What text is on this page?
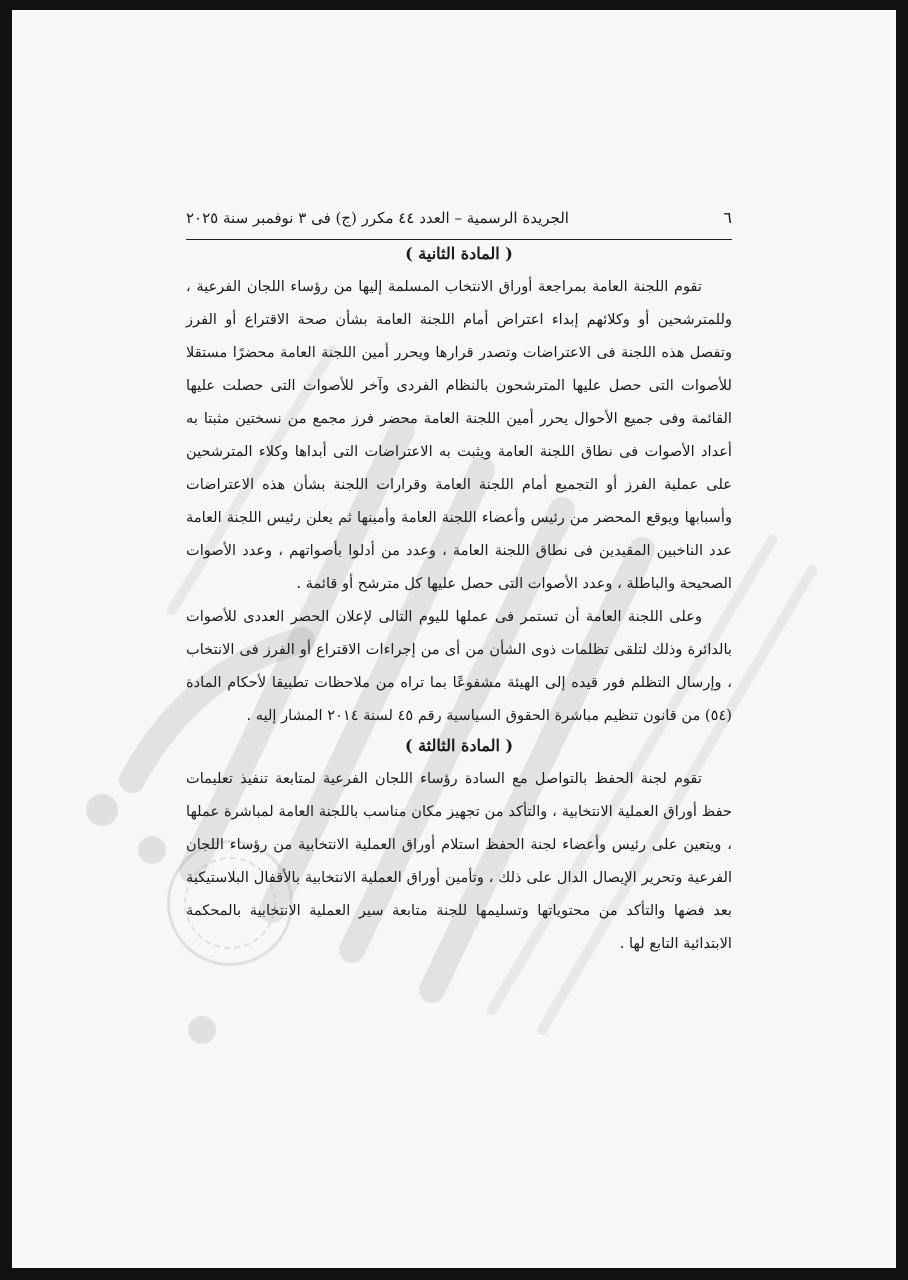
٦
الجريدة الرسمية – العدد ٤٤ مكرر (ج) فى ٣ نوفمبر سنة ٢٠٢٥
( المادة الثانية )

تقوم اللجنة العامة بمراجعة أوراق الانتخاب المسلمة إليها من رؤساء اللجان الفرعية ، وللمترشحين أو وكلائهم إبداء اعتراض أمام اللجنة العامة بشأن صحة الاقتراع أو الفرز وتفصل هذه اللجنة فى الاعتراضات وتصدر قرارها ويحرر أمين اللجنة العامة محضرًا مستقلا للأصوات التى حصل عليها المترشحون بالنظام الفردى وآخر للأصوات التى حصلت عليها القائمة وفى جميع الأحوال يحرر أمين اللجنة العامة محضر فرز مجمع من نسختين مثبتا به أعداد الأصوات فى نطاق اللجنة العامة ويثبت به الاعتراضات التى أبداها وكلاء المترشحين على عملية الفرز أو التجميع أمام اللجنة العامة وقرارات اللجنة بشأن هذه الاعتراضات وأسبابها ويوقع المحضر من رئيس وأعضاء اللجنة العامة وأمينها ثم يعلن رئيس اللجنة العامة عدد الناخبين المقيدين فى نطاق اللجنة العامة ، وعدد من أدلوا بأصواتهم ، وعدد الأصوات الصحيحة والباطلة ، وعدد الأصوات التى حصل عليها كل مترشح أو قائمة .

وعلى اللجنة العامة أن تستمر فى عملها لليوم التالى لإعلان الحصر العددى للأصوات بالدائرة وذلك لتلقى تظلمات ذوى الشأن من أى من إجراءات الاقتراع أو الفرز فى الانتخاب ، وإرسال التظلم فور قيده إلى الهيئة مشفوعًا بما تراه من ملاحظات تطبيقا لأحكام المادة (٥٤) من قانون تنظيم مباشرة الحقوق السياسية رقم ٤٥ لسنة ٢٠١٤ المشار إليه .

( المادة الثالثة )

تقوم لجنة الحفظ بالتواصل مع السادة رؤساء اللجان الفرعية لمتابعة تنفيذ تعليمات حفظ أوراق العملية الانتخابية ، والتأكد من تجهيز مكان مناسب باللجنة العامة لمباشرة عملها ، ويتعين على رئيس وأعضاء لجنة الحفظ استلام أوراق العملية الانتخابية من رؤساء اللجان الفرعية وتحرير الإيصال الدال على ذلك ، وتأمين أوراق العملية الانتخابية بالأقفال البلاستيكية بعد فضها والتأكد من محتوياتها وتسليمها للجنة متابعة سير العملية الانتخابية بالمحكمة الابتدائية التابع لها .
